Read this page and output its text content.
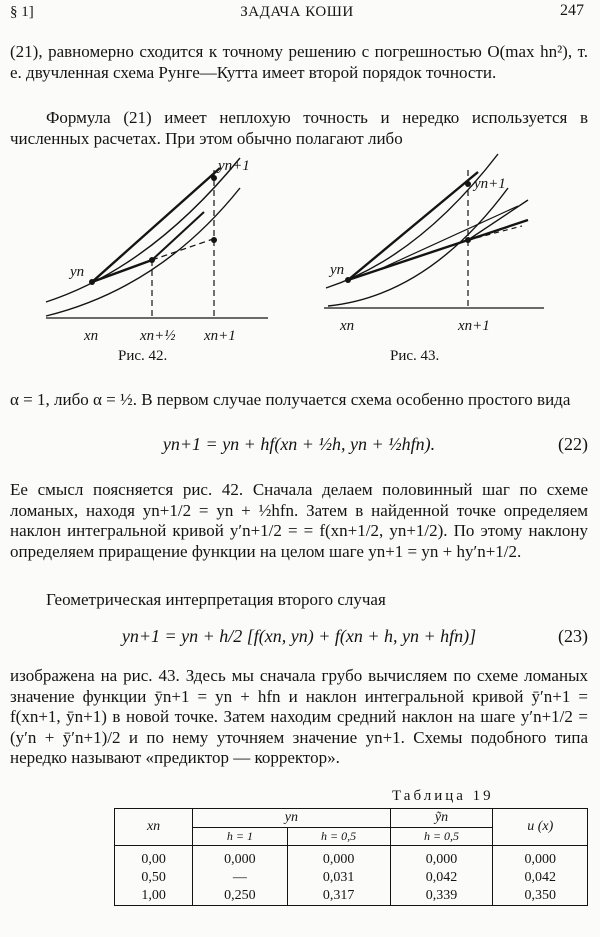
§ 1]	ЗАДАЧА КОШИ	247
(21), равномерно сходится к точному решению с погрешностью O(max hn²), т. е. двучленная схема Рунге—Кутта имеет второй порядок точности.
Формула (21) имеет неплохую точность и нередко используется в численных расчетах. При этом обычно полагают либо
yn
yn+1
xn	xn+½ xn+1
Рис. 42.
yn
yn+1
xn	xn+1
Рис. 43.
α = 1, либо α = ½. В первом случае получается схема особенно простого вида
yn+1 = yn + hf(xn + ½h, yn + ½hfn).	(22)
Ее смысл поясняется рис. 42. Сначала делаем половинный шаг по схеме ломаных, находя yn+1/2 = yn + ½hfn. Затем в найденной точке определяем наклон интегральной кривой y′n+1/2 = = f(xn+1/2, yn+1/2). По этому наклону определяем приращение функции на целом шаге yn+1 = yn + hy′n+1/2.
Геометрическая интерпретация второго случая
yn+1 = yn + h/2 [f(xn, yn) + f(xn + h, yn + hfn)]	(23)
изображена на рис. 43. Здесь мы сначала грубо вычисляем по схеме ломаных значение функции ȳn+1 = yn + hfn и наклон интегральной кривой ȳ′n+1 = f(xn+1, ȳn+1) в новой точке. Затем находим средний наклон на шаге y′n+1/2 = (y′n + ȳ′n+1)/2 и по нему уточняем значение yn+1. Схемы подобного типа нередко называют «предиктор — корректор».
Таблица 19
xn	yn		ỹn	u (x)
	h = 1	h = 0,5	h = 0,5	
0,00	0,000	0,000	0,000	0,000
0,50	—	0,031	0,042	0,042
1,00	0,250	0,317	0,339	0,350
